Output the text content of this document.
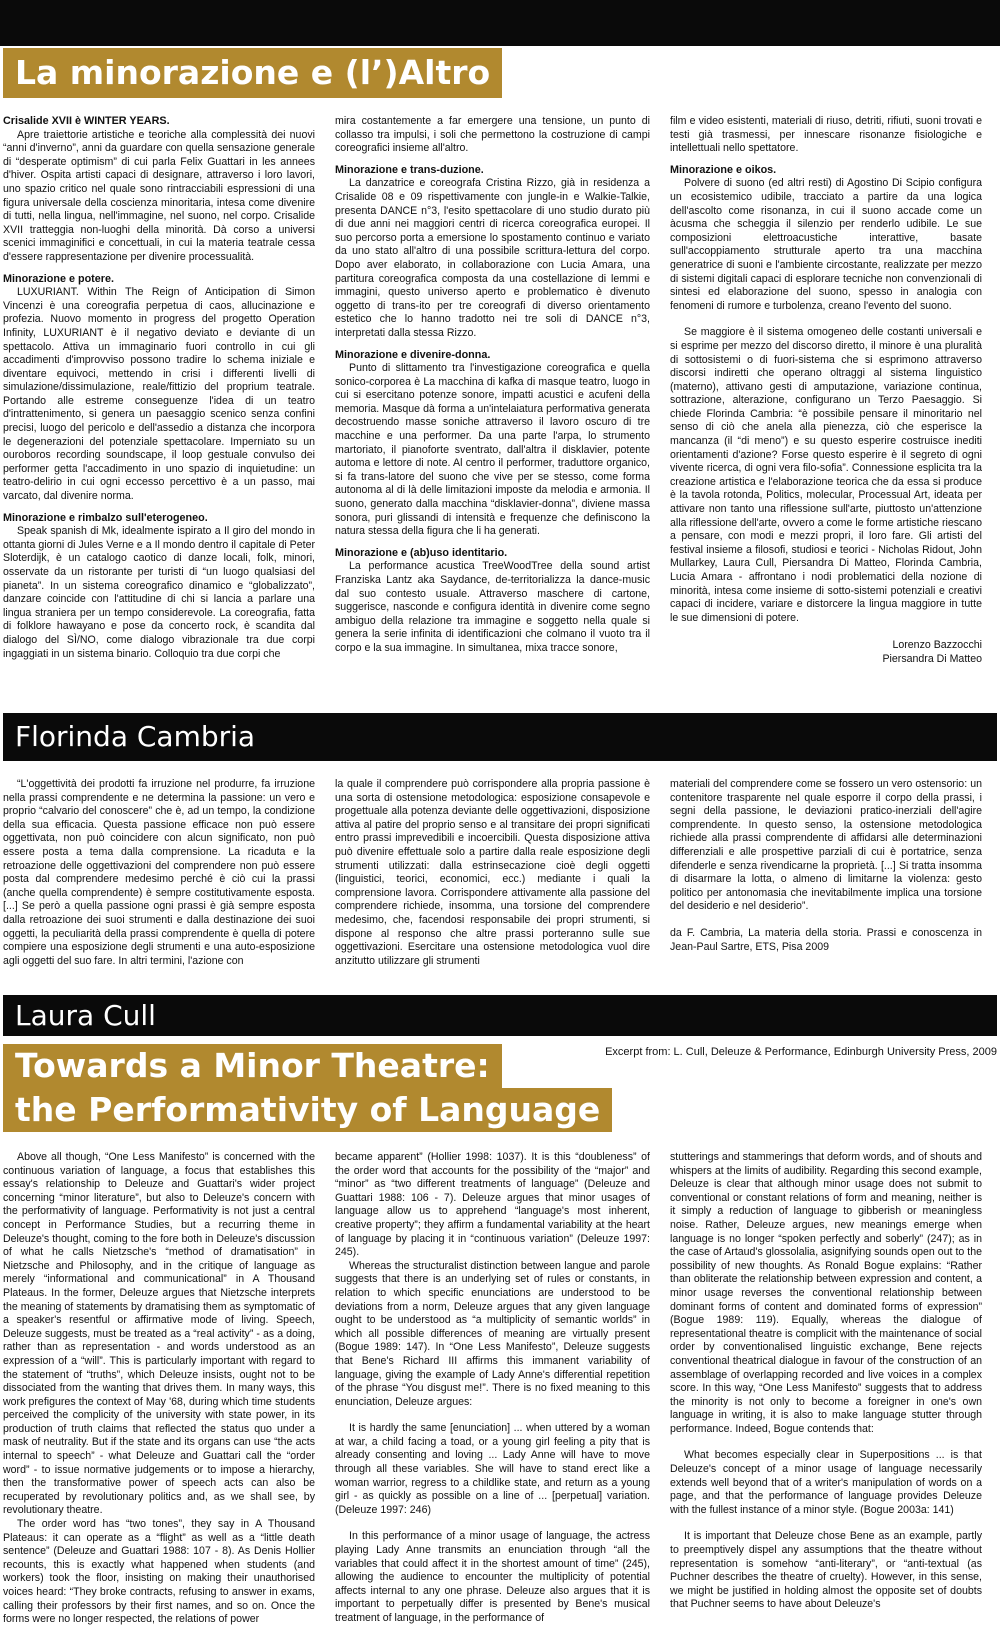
La minorazione e (l’)Altro
Crisalide XVII è WINTER YEARS.

Apre traiettorie artistiche e teoriche alla complessità dei nuovi “anni d'inverno”, anni da guardare con quella sensazione generale di “desperate optimism” di cui parla Felix Guattari in les annees d'hiver. Ospita artisti capaci di designare, attraverso i loro lavori, uno spazio critico nel quale sono rintracciabili espressioni di una figura universale della coscienza minoritaria, intesa come divenire di tutti, nella lingua, nell'immagine, nel suono, nel corpo. Crisalide XVII tratteggia non-luoghi della minorità. Dà corso a universi scenici immaginifici e concettuali, in cui la materia teatrale cessa d'essere rappresentazione per divenire processualità.

Minorazione e potere.

LUXURIANT. Within The Reign of Anticipation di Simon Vincenzi è una coreografia perpetua di caos, allucinazione e profezia. Nuovo momento in progress del progetto Operation Infinity, LUXURIANT è il negativo deviato e deviante di un spettacolo. Attiva un immaginario fuori controllo in cui gli accadimenti d'improvviso possono tradire lo schema iniziale e diventare equivoci, mettendo in crisi i differenti livelli di simulazione/dissimulazione, reale/fittizio del proprium teatrale. Portando alle estreme conseguenze l'idea di un teatro d'intrattenimento, si genera un paesaggio scenico senza confini precisi, luogo del pericolo e dell'assedio a distanza che incorpora le degenerazioni del potenziale spettacolare. Imperniato su un ouroboros recording soundscape, il loop gestuale convulso dei performer getta l'accadimento in uno spazio di inquietudine: un teatro-delirio in cui ogni eccesso percettivo è a un passo, mai varcato, dal divenire norma.

Minorazione e rimbalzo sull'eterogeneo.

Speak spanish di Mk, idealmente ispirato a Il giro del mondo in ottanta giorni di Jules Verne e a Il mondo dentro il capitale di Peter Sloterdijk, è un catalogo caotico di danze locali, folk, minori, osservate da un ristorante per turisti di “un luogo qualsiasi del pianeta”. In un sistema coreografico dinamico e “globalizzato”, danzare coincide con l'attitudine di chi si lancia a parlare una lingua straniera per un tempo considerevole. La coreografia, fatta di folklore hawayano e pose da concerto rock, è scandita dal dialogo del SÌ/NO, come dialogo vibrazionale tra due corpi ingaggiati in un sistema binario. Colloquio tra due corpi che

mira costantemente a far emergere una tensione, un punto di collasso tra impulsi, i soli che permettono la costruzione di campi coreografici insieme all'altro.

Minorazione e trans-duzione.

La danzatrice e coreografa Cristina Rizzo, già in residenza a Crisalide 08 e 09 rispettivamente con jungle-in e Walkie-Talkie, presenta DANCE n°3, l'esito spettacolare di uno studio durato più di due anni nei maggiori centri di ricerca coreografica europei. Il suo percorso porta a emersione lo spostamento continuo e variato da uno stato all'altro di una possibile scrittura-lettura del corpo. Dopo aver elaborato, in collaborazione con Lucia Amara, una partitura coreografica composta da una costellazione di lemmi e immagini, questo universo aperto e problematico è divenuto oggetto di trans-ito per tre coreografi di diverso orientamento estetico che lo hanno tradotto nei tre soli di DANCE n°3, interpretati dalla stessa Rizzo.

Minorazione e divenire-donna.

Punto di slittamento tra l'investigazione coreografica e quella sonico-corporea è La macchina di kafka di masque teatro, luogo in cui si esercitano potenze sonore, impatti acustici e acufeni della memoria. Masque dà forma a un'intelaiatura performativa generata decostruendo masse soniche attraverso il lavoro oscuro di tre macchine e una performer. Da una parte l'arpa, lo strumento martoriato, il pianoforte sventrato, dall'altra il disklavier, potente automa e lettore di note. Al centro il performer, traduttore organico, si fa trans-latore del suono che vive per se stesso, come forma autonoma al di là delle limitazioni imposte da melodia e armonia. Il suono, generato dalla macchina “disklavier-donna”, diviene massa sonora, puri glissandi di intensità e frequenze che definiscono la natura stessa della figura che li ha generati.

Minorazione e (ab)uso identitario.

La performance acustica TreeWoodTree della sound artist Franziska Lantz aka Saydance, de-territorializza la dance-music dal suo contesto usuale. Attraverso maschere di cartone, suggerisce, nasconde e configura identità in divenire come segno ambiguo della relazione tra immagine e soggetto nella quale si genera la serie infinita di identificazioni che colmano il vuoto tra il corpo e la sua immagine. In simultanea, mixa tracce sonore,

film e video esistenti, materiali di riuso, detriti, rifiuti, suoni trovati e testi già trasmessi, per innescare risonanze fisiologiche e intellettuali nello spettatore.

Minorazione e oikos.

Polvere di suono (ed altri resti) di Agostino Di Scipio configura un ecosistemico udibile, tracciato a partire da una logica dell'ascolto come risonanza, in cui il suono accade come un àcusma che scheggia il silenzio per renderlo udibile. Le sue composizioni elettroacustiche interattive, basate sull'accoppiamento strutturale aperto tra una macchina generatrice di suoni e l'ambiente circostante, realizzate per mezzo di sistemi digitali capaci di esplorare tecniche non convenzionali di sintesi ed elaborazione del suono, spesso in analogia con fenomeni di rumore e turbolenza, creano l'evento del suono.

Se maggiore è il sistema omogeneo delle costanti universali e si esprime per mezzo del discorso diretto, il minore è una pluralità di sottosistemi o di fuori-sistema che si esprimono attraverso discorsi indiretti che operano oltraggi al sistema linguistico (materno), attivano gesti di amputazione, variazione continua, sottrazione, alterazione, configurano un Terzo Paesaggio. Si chiede Florinda Cambria: “è possibile pensare il minoritario nel senso di ciò che anela alla pienezza, ciò che esperisce la mancanza (il “di meno”) e su questo esperire costruisce inediti orientamenti d'azione? Forse questo esperire è il segreto di ogni vivente ricerca, di ogni vera filo-sofia”. Connessione esplicita tra la creazione artistica e l'elaborazione teorica che da essa si produce è la tavola rotonda, Politics, molecular, Processual Art, ideata per attivare non tanto una riflessione sull'arte, piuttosto un'attenzione alla riflessione dell'arte, ovvero a come le forme artistiche riescano a pensare, con modi e mezzi propri, il loro fare. Gli artisti del festival insieme a filosofi, studiosi e teorici - Nicholas Ridout, John Mullarkey, Laura Cull, Piersandra Di Matteo, Florinda Cambria, Lucia Amara - affrontano i nodi problematici della nozione di minorità, intesa come insieme di sotto-sistemi potenziali e creativi capaci di incidere, variare e distorcere la lingua maggiore in tutte le sue dimensioni di potere.

Lorenzo Bazzocchi

Piersandra Di Matteo

Florinda Cambria

“L'oggettività dei prodotti fa irruzione nel produrre, fa irruzione nella prassi comprendente e ne determina la passione: un vero e proprio “calvario del conoscere” che è, ad un tempo, la condizione della sua efficacia. Questa passione efficace non può essere oggettivata, non può coincidere con alcun significato, non può essere posta a tema dalla comprensione. La ricaduta e la retroazione delle oggettivazioni del comprendere non può essere posta dal comprendere medesimo perché è ciò cui la prassi (anche quella comprendente) è sempre costitutivamente esposta. [...] Se però a quella passione ogni prassi è già sempre esposta dalla retroazione dei suoi strumenti e dalla destinazione dei suoi oggetti, la peculiarità della prassi comprendente è quella di potere compiere una esposizione degli strumenti e una auto-esposizione agli oggetti del suo fare. In altri termini, l'azione con

la quale il comprendere può corrispondere alla propria passione è una sorta di ostensione metodologica: esposizione consapevole e progettuale alla potenza deviante delle oggettivazioni, disposizione attiva al patire del proprio senso e al transitare dei propri significati entro prassi imprevedibili e incoercibili. Questa disposizione attiva può divenire effettuale solo a partire dalla reale esposizione degli strumenti utilizzati: dalla estrinsecazione cioè degli oggetti (linguistici, teorici, economici, ecc.) mediante i quali la comprensione lavora. Corrispondere attivamente alla passione del comprendere richiede, insomma, una torsione del comprendere medesimo, che, facendosi responsabile dei propri strumenti, si dispone al responso che altre prassi porteranno sulle sue oggettivazioni. Esercitare una ostensione metodologica vuol dire anzitutto utilizzare gli strumenti

materiali del comprendere come se fossero un vero ostensorio: un contenitore trasparente nel quale esporre il corpo della prassi, i segni della passione, le deviazioni pratico-inerziali dell'agire comprendente. In questo senso, la ostensione metodologica richiede alla prassi comprendente di affidarsi alle determinazioni differenziali e alle prospettive parziali di cui è portatrice, senza difenderle e senza rivendicarne la proprietà. [...] Si tratta insomma di disarmare la lotta, o almeno di limitarne la violenza: gesto politico per antonomasia che inevitabilmente implica una torsione del desiderio e nel desiderio”.

da F. Cambria, La materia della storia. Prassi e conoscenza in Jean-Paul Sartre, ETS, Pisa 2009

Laura Cull
Towards a Minor Theatre:
the Performativity of Language
Excerpt from: L. Cull, Deleuze & Performance, Edinburgh University Press, 2009

Above all though, “One Less Manifesto” is concerned with the continuous variation of language, a focus that establishes this essay's relationship to Deleuze and Guattari's wider project concerning “minor literature”, but also to Deleuze's concern with the performativity of language. Performativity is not just a central concept in Performance Studies, but a recurring theme in Deleuze's thought, coming to the fore both in Deleuze's discussion of what he calls Nietzsche's “method of dramatisation” in Nietzsche and Philosophy, and in the critique of language as merely “informational and communicational” in A Thousand Plateaus. In the former, Deleuze argues that Nietzsche interprets the meaning of statements by dramatising them as symptomatic of a speaker's resentful or affirmative mode of living. Speech, Deleuze suggests, must be treated as a “real activity” - as a doing, rather than as representation - and words understood as an expression of a “will”. This is particularly important with regard to the statement of “truths”, which Deleuze insists, ought not to be dissociated from the wanting that drives them. In many ways, this work prefigures the context of May '68, during which time students perceived the complicity of the university with state power, in its production of truth claims that reflected the status quo under a mask of neutrality. But if the state and its organs can use “the acts internal to speech” - what Deleuze and Guattari call the “order word” - to issue normative judgements or to impose a hierarchy, then the transformative power of speech acts can also be recuperated by revolutionary politics and, as we shall see, by revolutionary theatre.

The order word has “two tones”, they say in A Thousand Plateaus: it can operate as a “flight” as well as a “little death sentence” (Deleuze and Guattari 1988: 107 - 8). As Denis Hollier recounts, this is exactly what happened when students (and workers) took the floor, insisting on making their unauthorised voices heard: “They broke contracts, refusing to answer in exams, calling their professors by their first names, and so on. Once the forms were no longer respected, the relations of power

became apparent” (Hollier 1998: 1037). It is this “doubleness” of the order word that accounts for the possibility of the “major” and “minor” as “two different treatments of language” (Deleuze and Guattari 1988: 106 - 7). Deleuze argues that minor usages of language allow us to apprehend “language's most inherent, creative property”; they affirm a fundamental variability at the heart of language by placing it in “continuous variation” (Deleuze 1997: 245).

Whereas the structuralist distinction between langue and parole suggests that there is an underlying set of rules or constants, in relation to which specific enunciations are understood to be deviations from a norm, Deleuze argues that any given language ought to be understood as “a multiplicity of semantic worlds” in which all possible differences of meaning are virtually present (Bogue 1989: 147). In “One Less Manifesto”, Deleuze suggests that Bene's Richard III affirms this immanent variability of language, giving the example of Lady Anne's differential repetition of the phrase “You disgust me!”. There is no fixed meaning to this enunciation, Deleuze argues:

It is hardly the same [enunciation] ... when uttered by a woman at war, a child facing a toad, or a young girl feeling a pity that is already consenting and loving ... Lady Anne will have to move through all these variables. She will have to stand erect like a woman warrior, regress to a childlike state, and return as a young girl - as quickly as possible on a line of ... [perpetual] variation. (Deleuze 1997: 246)

In this performance of a minor usage of language, the actress playing Lady Anne transmits an enunciation through “all the variables that could affect it in the shortest amount of time” (245), allowing the audience to encounter the multiplicity of potential affects internal to any one phrase. Deleuze also argues that it is important to perpetually differ is presented by Bene's musical treatment of language, in the performance of

stutterings and stammerings that deform words, and of shouts and whispers at the limits of audibility. Regarding this second example, Deleuze is clear that although minor usage does not submit to conventional or constant relations of form and meaning, neither is it simply a reduction of language to gibberish or meaningless noise. Rather, Deleuze argues, new meanings emerge when language is no longer “spoken perfectly and soberly” (247); as in the case of Artaud's glossolalia, asignifying sounds open out to the possibility of new thoughts. As Ronald Bogue explains: “Rather than obliterate the relationship between expression and content, a minor usage reverses the conventional relationship between dominant forms of content and dominated forms of expression” (Bogue 1989: 119). Equally, whereas the dialogue of representational theatre is complicit with the maintenance of social order by conventionalised linguistic exchange, Bene rejects conventional theatrical dialogue in favour of the construction of an assemblage of overlapping recorded and live voices in a complex score. In this way, “One Less Manifesto” suggests that to address the minority is not only to become a foreigner in one's own language in writing, it is also to make language stutter through performance. Indeed, Bogue contends that:

What becomes especially clear in Superpositions ... is that Deleuze's concept of a minor usage of language necessarily extends well beyond that of a writer's manipulation of words on a page, and that the performance of language provides Deleuze with the fullest instance of a minor style. (Bogue 2003a: 141)

It is important that Deleuze chose Bene as an example, partly to preemptively dispel any assumptions that the theatre without representation is somehow “anti-literary”, or “anti-textual (as Puchner describes the theatre of cruelty). However, in this sense, we might be justified in holding almost the opposite set of doubts that Puchner seems to have about Deleuze's
